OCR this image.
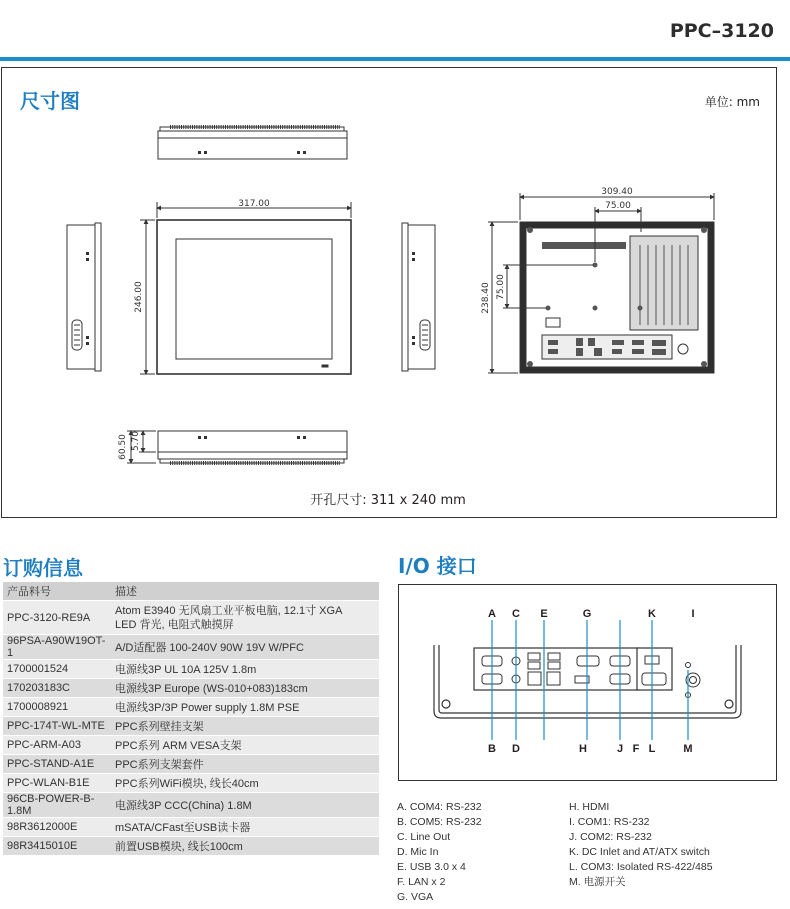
PPC–3120
尺寸图	单位: mm
317.00
246.00
309.40
75.00
238.40 75.00
60.50 5.70
开孔尺寸: 311 x 240 mm
订购信息
产品料号	描述
PPC-3120-RE9A	Atom E3940 无风扇工业平板电脑, 12.1寸 XGA
LED 背光, 电阻式触摸屏
96PSA-A90W19OT-1	A/D适配器 100-240V 90W 19V W/PFC
1700001524	电源线3P UL 10A 125V 1.8m
170203183C	电源线3P Europe (WS-010+083)183cm
1700008921	电源线3P/3P Power supply 1.8M PSE
PPC-174T-WL-MTE	PPC系列壁挂支架
PPC-ARM-A03	PPC系列 ARM VESA支架
PPC-STAND-A1E	PPC系列支架套件
PPC-WLAN-B1E	PPC系列WiFi模块, 线长40cm
96CB-POWER-B-1.8M	电源线3P CCC(China) 1.8M
98R3612000E	mSATA/CFast至USB读卡器
98R3415010E	前置USB模块, 线长100cm
I/O 接口
A C E	G	K	I
B D	H	J F L	M
A. COM4: RS-232
B. COM5: RS-232
C. Line Out
D. Mic In
E. USB 3.0 x 4
F. LAN x 2
G. VGA
H. HDMI
I. COM1: RS-232
J. COM2: RS-232
K. DC Inlet and AT/ATX switch
L. COM3: Isolated RS-422/485
M. 电源开关
